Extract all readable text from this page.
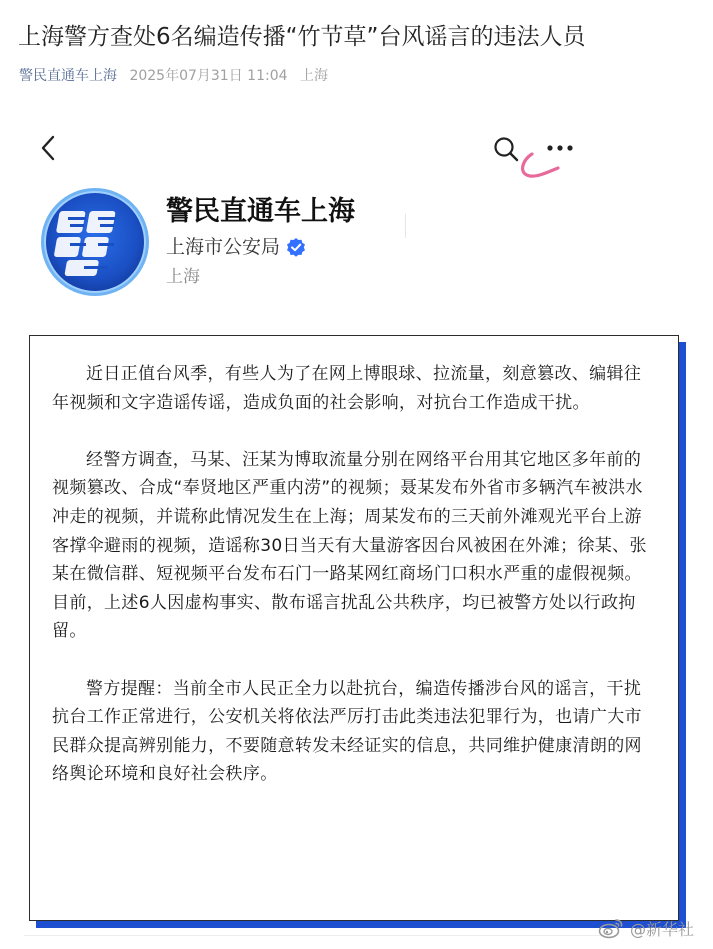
上海警方查处6名编造传播“竹节草”台风谣言的违法人员
警民直通车上海 2025年07月31日 11:04 上海
警民直通车上海
上海市公安局
上海

近日正值台风季，有些人为了在网上博眼球、拉流量，刻意篡改、编辑往年视频和文字造谣传谣，造成负面的社会影响，对抗台工作造成干扰。

经警方调查，马某、汪某为博取流量分别在网络平台用其它地区多年前的视频篡改、合成“奉贤地区严重内涝”的视频；聂某发布外省市多辆汽车被洪水冲走的视频，并谎称此情况发生在上海；周某发布的三天前外滩观光平台上游客撑伞避雨的视频，造谣称30日当天有大量游客因台风被困在外滩；徐某、张某在微信群、短视频平台发布石门一路某网红商场门口积水严重的虚假视频。目前，上述6人因虚构事实、散布谣言扰乱公共秩序，均已被警方处以行政拘留。

警方提醒：当前全市人民正全力以赴抗台，编造传播涉台风的谣言，干扰抗台工作正常进行，公安机关将依法严厉打击此类违法犯罪行为，也请广大市民群众提高辨别能力，不要随意转发未经证实的信息，共同维护健康清朗的网络舆论环境和良好社会秩序。

@新华社
